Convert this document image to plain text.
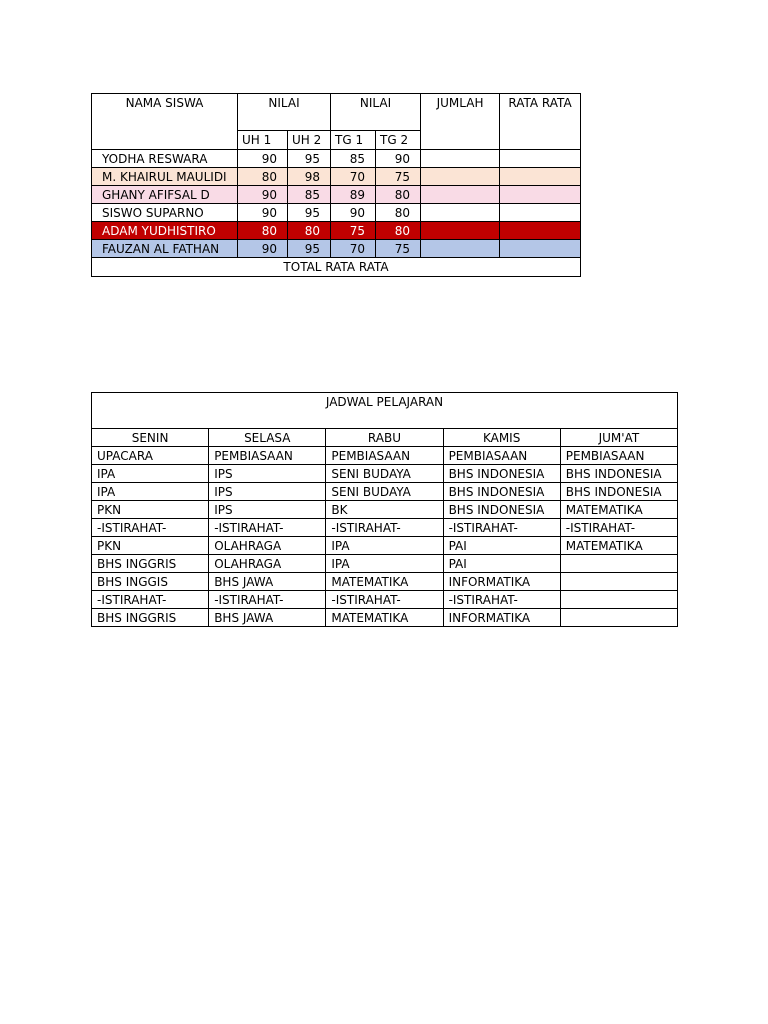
NAMA SISWA	NILAI		NILAI		JUMLAH	RATA RATA
	UH 1	UH 2	TG 1	TG 2		
YODHA RESWARA	90	95	85	90		
M. KHAIRUL MAULIDI	80	98	70	75		
GHANY AFIFSAL D	90	85	89	80		
SISWO SUPARNO	90	95	90	80		
ADAM YUDHISTIRO	80	80	75	80		
FAUZAN AL FATHAN	90	95	70	75		
TOTAL RATA RATA						
JADWAL PELAJARAN				
SENIN	SELASA	RABU	KAMIS	JUM'AT
UPACARA	PEMBIASAAN	PEMBIASAAN	PEMBIASAAN	PEMBIASAAN
IPA	IPS	SENI BUDAYA	BHS INDONESIA	BHS INDONESIA
IPA	IPS	SENI BUDAYA	BHS INDONESIA	BHS INDONESIA
PKN	IPS	BK	BHS INDONESIA	MATEMATIKA
-ISTIRAHAT-	-ISTIRAHAT-	-ISTIRAHAT-	-ISTIRAHAT-	-ISTIRAHAT-
PKN	OLAHRAGA	IPA	PAI	MATEMATIKA
BHS INGGRIS	OLAHRAGA	IPA	PAI	
BHS INGGIS	BHS JAWA	MATEMATIKA	INFORMATIKA	
-ISTIRAHAT-	-ISTIRAHAT-	-ISTIRAHAT-	-ISTIRAHAT-	
BHS INGGRIS	BHS JAWA	MATEMATIKA	INFORMATIKA	
